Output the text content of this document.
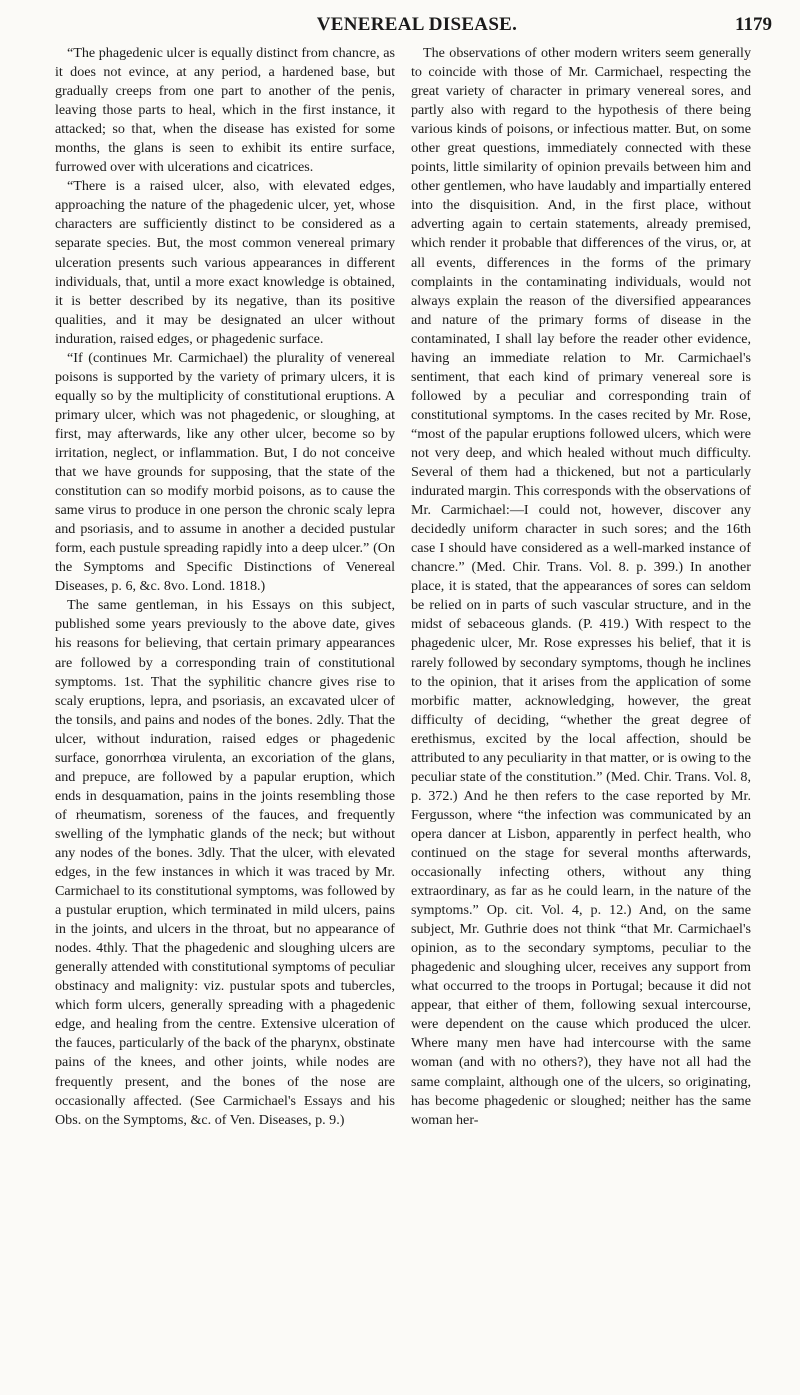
VENEREAL DISEASE.	1179

“The phagedenic ulcer is equally distinct from chancre, as it does not evince, at any period, a hardened base, but gradually creeps from one part to another of the penis, leaving those parts to heal, which in the first instance, it attacked; so that, when the disease has existed for some months, the glans is seen to exhibit its entire surface, furrowed over with ulcerations and cicatrices.

“There is a raised ulcer, also, with elevated edges, approaching the nature of the phagedenic ulcer, yet, whose characters are sufficiently distinct to be considered as a separate species. But, the most common venereal primary ulceration presents such various appearances in different individuals, that, until a more exact knowledge is obtained, it is better described by its negative, than its positive qualities, and it may be designated an ulcer without induration, raised edges, or phagedenic surface.

“If (continues Mr. Carmichael) the plurality of venereal poisons is supported by the variety of primary ulcers, it is equally so by the multiplicity of constitutional eruptions. A primary ulcer, which was not phagedenic, or sloughing, at first, may afterwards, like any other ulcer, become so by irritation, neglect, or inflammation. But, I do not conceive that we have grounds for supposing, that the state of the constitution can so modify morbid poisons, as to cause the same virus to produce in one person the chronic scaly lepra and psoriasis, and to assume in another a decided pustular form, each pustule spreading rapidly into a deep ulcer.” (On the Symptoms and Specific Distinctions of Venereal Diseases, p. 6, &c. 8vo. Lond. 1818.)

The same gentleman, in his Essays on this subject, published some years previously to the above date, gives his reasons for believing, that certain primary appearances are followed by a corresponding train of constitutional symptoms. 1st. That the syphilitic chancre gives rise to scaly eruptions, lepra, and psoriasis, an excavated ulcer of the tonsils, and pains and nodes of the bones. 2dly. That the ulcer, without induration, raised edges or phagedenic surface, gonorrhœa virulenta, an excoriation of the glans, and prepuce, are followed by a papular eruption, which ends in desquamation, pains in the joints resembling those of rheumatism, soreness of the fauces, and frequently swelling of the lymphatic glands of the neck; but without any nodes of the bones. 3dly. That the ulcer, with elevated edges, in the few instances in which it was traced by Mr. Carmichael to its constitutional symptoms, was followed by a pustular eruption, which terminated in mild ulcers, pains in the joints, and ulcers in the throat, but no appearance of nodes. 4thly. That the phagedenic and sloughing ulcers are generally attended with constitutional symptoms of peculiar obstinacy and malignity: viz. pustular spots and tubercles, which form ulcers, generally spreading with a phagedenic edge, and healing from the centre. Extensive ulceration of the fauces, particularly of the back of the pharynx, obstinate pains of the knees, and other joints, while nodes are frequently present, and the bones of the nose are occasionally affected. (See Carmichael's Essays and his Obs. on the Symptoms, &c. of Ven. Diseases, p. 9.)

The observations of other modern writers seem generally to coincide with those of Mr. Carmichael, respecting the great variety of character in primary venereal sores, and partly also with regard to the hypothesis of there being various kinds of poisons, or infectious matter. But, on some other great questions, immediately connected with these points, little similarity of opinion prevails between him and other gentlemen, who have laudably and impartially entered into the disquisition. And, in the first place, without adverting again to certain statements, already premised, which render it probable that differences of the virus, or, at all events, differences in the forms of the primary complaints in the contaminating individuals, would not always explain the reason of the diversified appearances and nature of the primary forms of disease in the contaminated, I shall lay before the reader other evidence, having an immediate relation to Mr. Carmichael's sentiment, that each kind of primary venereal sore is followed by a peculiar and corresponding train of constitutional symptoms. In the cases recited by Mr. Rose, “most of the papular eruptions followed ulcers, which were not very deep, and which healed without much difficulty. Several of them had a thickened, but not a particularly indurated margin. This corresponds with the observations of Mr. Carmichael:—I could not, however, discover any decidedly uniform character in such sores; and the 16th case I should have considered as a well-marked instance of chancre.” (Med. Chir. Trans. Vol. 8. p. 399.) In another place, it is stated, that the appearances of sores can seldom be relied on in parts of such vascular structure, and in the midst of sebaceous glands. (P. 419.) With respect to the phagedenic ulcer, Mr. Rose expresses his belief, that it is rarely followed by secondary symptoms, though he inclines to the opinion, that it arises from the application of some morbific matter, acknowledging, however, the great difficulty of deciding, “whether the great degree of erethismus, excited by the local affection, should be attributed to any peculiarity in that matter, or is owing to the peculiar state of the constitution.” (Med. Chir. Trans. Vol. 8, p. 372.) And he then refers to the case reported by Mr. Fergusson, where “the infection was communicated by an opera dancer at Lisbon, apparently in perfect health, who continued on the stage for several months afterwards, occasionally infecting others, without any thing extraordinary, as far as he could learn, in the nature of the symptoms.” Op. cit. Vol. 4, p. 12.) And, on the same subject, Mr. Guthrie does not think “that Mr. Carmichael's opinion, as to the secondary symptoms, peculiar to the phagedenic and sloughing ulcer, receives any support from what occurred to the troops in Portugal; because it did not appear, that either of them, following sexual intercourse, were dependent on the cause which produced the ulcer. Where many men have had intercourse with the same woman (and with no others?), they have not all had the same complaint, although one of the ulcers, so originating, has become phagedenic or sloughed; neither has the same woman her-
